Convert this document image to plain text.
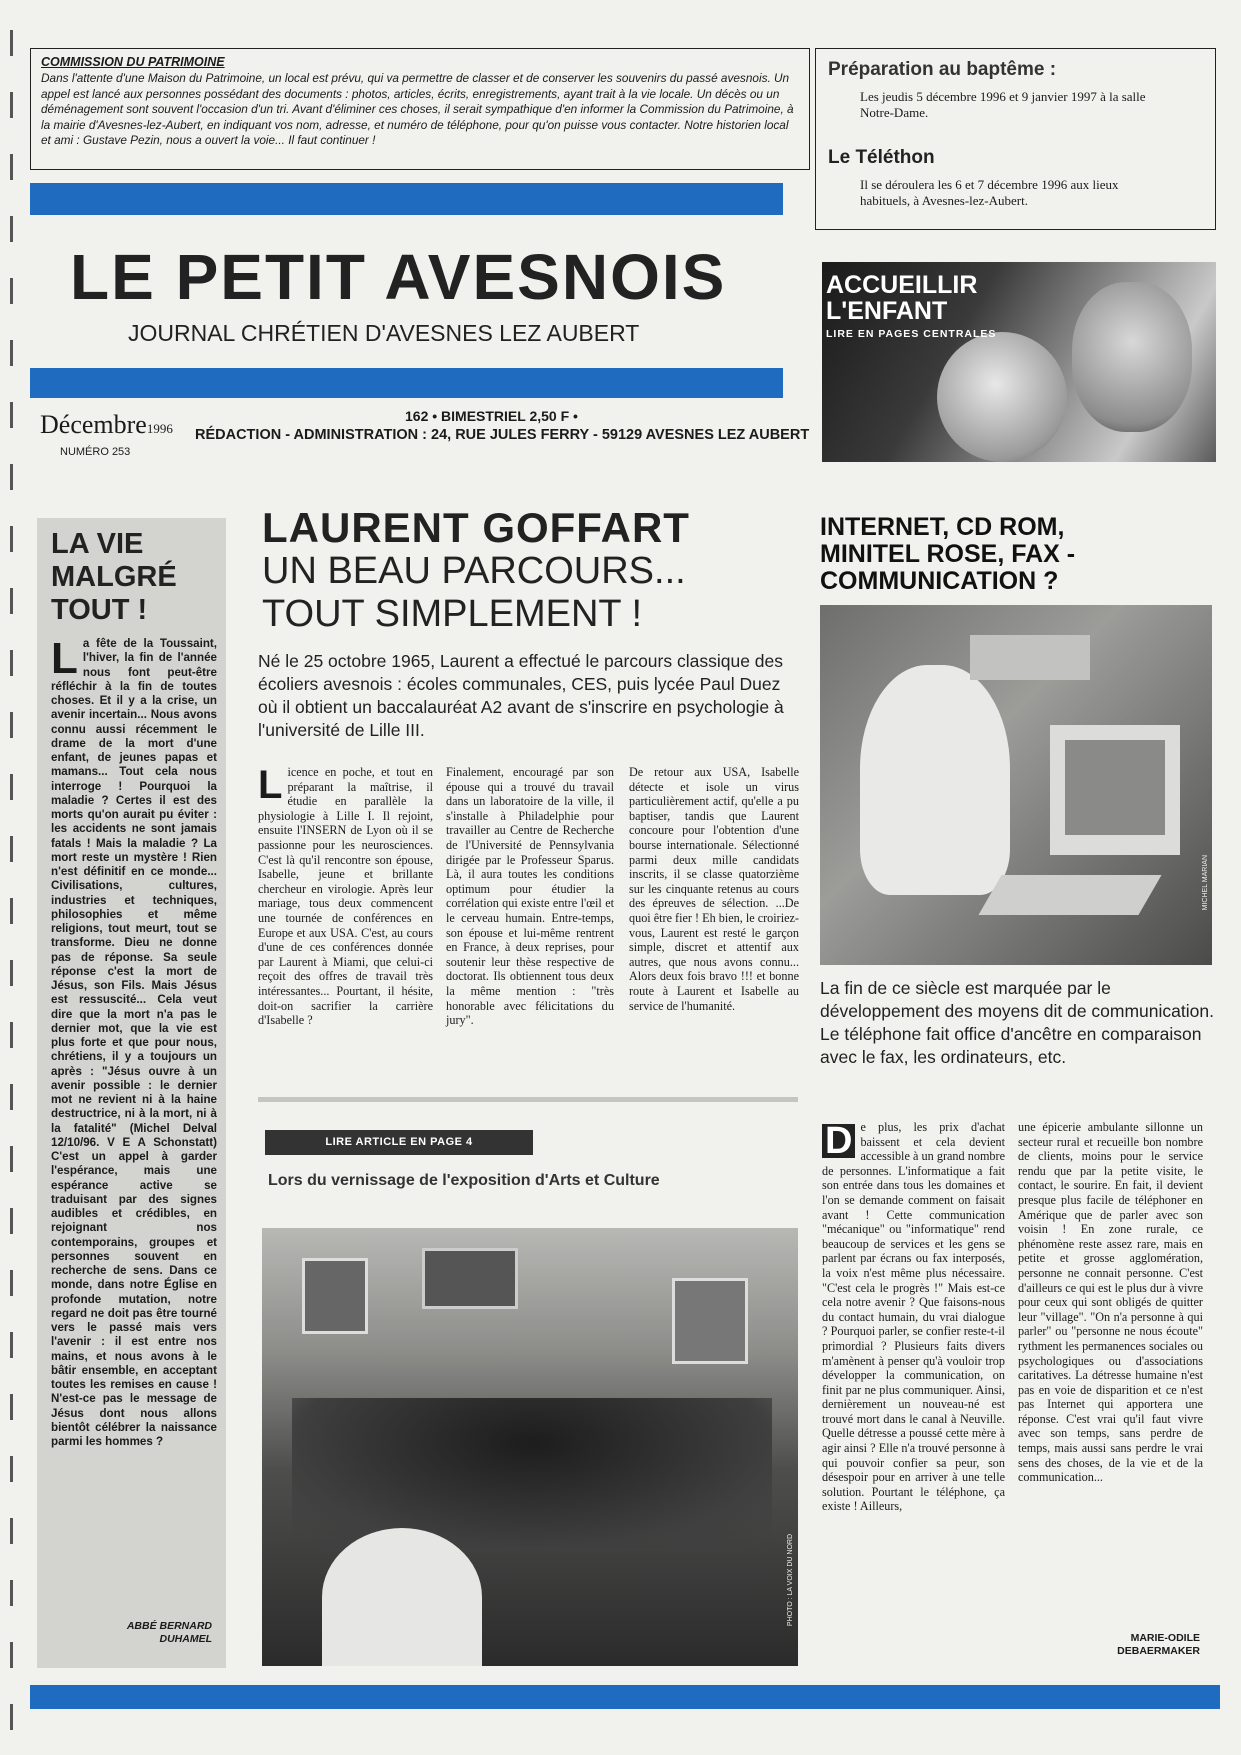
COMMISSION DU PATRIMOINE

Dans l'attente d'une Maison du Patrimoine, un local est prévu, qui va permettre de classer et de conserver les souvenirs du passé avesnois. Un appel est lancé aux personnes possédant des documents : photos, articles, écrits, enregistrements, ayant trait à la vie locale. Un décès ou un déménagement sont souvent l'occasion d'un tri. Avant d'éliminer ces choses, il serait sympathique d'en informer la Commission du Patrimoine, à la mairie d'Avesnes-lez-Aubert, en indiquant vos nom, adresse, et numéro de téléphone, pour qu'on puisse vous contacter. Notre historien local et ami : Gustave Pezin, nous a ouvert la voie... Il faut continuer !

Préparation au baptême :

Les jeudis 5 décembre 1996 et 9 janvier 1997 à la salle Notre-Dame.

Le Téléthon

Il se déroulera les 6 et 7 décembre 1996 aux lieux habituels, à Avesnes-lez-Aubert.

LE PETIT AVESNOIS
JOURNAL CHRÉTIEN D'AVESNES LEZ AUBERT
Décembre1996
NUMÉRO 253
162 • BIMESTRIEL 2,50 F •
RÉDACTION - ADMINISTRATION : 24, RUE JULES FERRY - 59129 AVESNES LEZ AUBERT
ACCUEILLIR
L'ENFANT
LIRE EN PAGES CENTRALES
LA VIE
MALGRÉ
TOUT !
La fête de la Toussaint, l'hiver, la fin de l'année nous font peut-être réfléchir à la fin de toutes choses. Et il y a la crise, un avenir incertain... Nous avons connu aussi récemment le drame de la mort d'une enfant, de jeunes papas et mamans... Tout cela nous interroge ! Pourquoi la maladie ? Certes il est des morts qu'on aurait pu éviter : les accidents ne sont jamais fatals ! Mais la maladie ? La mort reste un mystère ! Rien n'est définitif en ce monde... Civilisations, cultures, industries et techniques, philosophies et même religions, tout meurt, tout se transforme. Dieu ne donne pas de réponse. Sa seule réponse c'est la mort de Jésus, son Fils. Mais Jésus est ressuscité... Cela veut dire que la mort n'a pas le dernier mot, que la vie est plus forte et que pour nous, chrétiens, il y a toujours un après : "Jésus ouvre à un avenir possible : le dernier mot ne revient ni à la haine destructrice, ni à la mort, ni à la fatalité" (Michel Delval 12/10/96. V E A Schonstatt) C'est un appel à garder l'espérance, mais une espérance active se traduisant par des signes audibles et crédibles, en rejoignant nos contemporains, groupes et personnes souvent en recherche de sens. Dans ce monde, dans notre Église en profonde mutation, notre regard ne doit pas être tourné vers le passé mais vers l'avenir : il est entre nos mains, et nous avons à le bâtir ensemble, en acceptant toutes les remises en cause ! N'est-ce pas le message de Jésus dont nous allons bientôt célébrer la naissance parmi les hommes ?
ABBÉ BERNARD
DUHAMEL
LAURENT GOFFART
UN BEAU PARCOURS...
TOUT SIMPLEMENT !

Né le 25 octobre 1965, Laurent a effectué le parcours classique des écoliers avesnois : écoles communales, CES, puis lycée Paul Duez où il obtient un baccalauréat A2 avant de s'inscrire en psychologie à l'université de Lille III.

Licence en poche, et tout en préparant la maîtrise, il étudie en parallèle la physiologie à Lille I. Il rejoint, ensuite l'INSERN de Lyon où il se passionne pour les neurosciences. C'est là qu'il rencontre son épouse, Isabelle, jeune et brillante chercheur en virologie. Après leur mariage, tous deux commencent une tournée de conférences en Europe et aux USA. C'est, au cours d'une de ces conférences donnée par Laurent à Miami, que celui-ci reçoit des offres de travail très intéressantes... Pourtant, il hésite, doit-on sacrifier la carrière d'Isabelle ?
Finalement, encouragé par son épouse qui a trouvé du travail dans un laboratoire de la ville, il s'installe à Philadelphie pour travailler au Centre de Recherche de l'Université de Pennsylvania dirigée par le Professeur Sparus. Là, il aura toutes les conditions optimum pour étudier la corrélation qui existe entre l'œil et le cerveau humain. Entre-temps, son épouse et lui-même rentrent en France, à deux reprises, pour soutenir leur thèse respective de doctorat. Ils obtiennent tous deux la même mention : "très honorable avec félicitations du jury".
De retour aux USA, Isabelle détecte et isole un virus particulièrement actif, qu'elle a pu baptiser, tandis que Laurent concoure pour l'obtention d'une bourse internationale. Sélectionné parmi deux mille candidats inscrits, il se classe quatorzième sur les cinquante retenus au cours des épreuves de sélection. ...De quoi être fier ! Eh bien, le croiriez-vous, Laurent est resté le garçon simple, discret et attentif aux autres, que nous avons connu... Alors deux fois bravo !!! et bonne route à Laurent et Isabelle au service de l'humanité.
LIRE ARTICLE EN PAGE 4
Lors du vernissage de l'exposition d'Arts et Culture
PHOTO : LA VOIX DU NORD
INTERNET, CD ROM,
MINITEL ROSE, FAX -
COMMUNICATION ?
MICHEL MARIAN

La fin de ce siècle est marquée par le développement des moyens dit de communication. Le téléphone fait office d'ancêtre en comparaison avec le fax, les ordinateurs, etc.

D e plus, les prix d'achat baissent et cela devient accessible à un grand nombre de personnes. L'informatique a fait son entrée dans tous les domaines et l'on se demande comment on faisait avant ! Cette communication "mécanique" ou "informatique" rend beaucoup de services et les gens se parlent par écrans ou fax interposés, la voix n'est même plus nécessaire. "C'est cela le progrès !" Mais est-ce cela notre avenir ? Que faisons-nous du contact humain, du vrai dialogue ? Pourquoi parler, se confier reste-t-il primordial ? Plusieurs faits divers m'amènent à penser qu'à vouloir trop développer la communication, on finit par ne plus communiquer. Ainsi, dernièrement un nouveau-né est trouvé mort dans le canal à Neuville. Quelle détresse a poussé cette mère à agir ainsi ? Elle n'a trouvé personne à qui pouvoir confier sa peur, son désespoir pour en arriver à une telle solution. Pourtant le téléphone, ça existe ! Ailleurs,
une épicerie ambulante sillonne un secteur rural et recueille bon nombre de clients, moins pour le service rendu que par la petite visite, le contact, le sourire. En fait, il devient presque plus facile de téléphoner en Amérique que de parler avec son voisin ! En zone rurale, ce phénomène reste assez rare, mais en petite et grosse agglomération, personne ne connait personne. C'est d'ailleurs ce qui est le plus dur à vivre pour ceux qui sont obligés de quitter leur "village". "On n'a personne à qui parler" ou "personne ne nous écoute" rythment les permanences sociales ou psychologiques ou d'associations caritatives. La détresse humaine n'est pas en voie de disparition et ce n'est pas Internet qui apportera une réponse. C'est vrai qu'il faut vivre avec son temps, sans perdre de temps, mais aussi sans perdre le vrai sens des choses, de la vie et de la communication...
MARIE-ODILE
DEBAERMAKER
